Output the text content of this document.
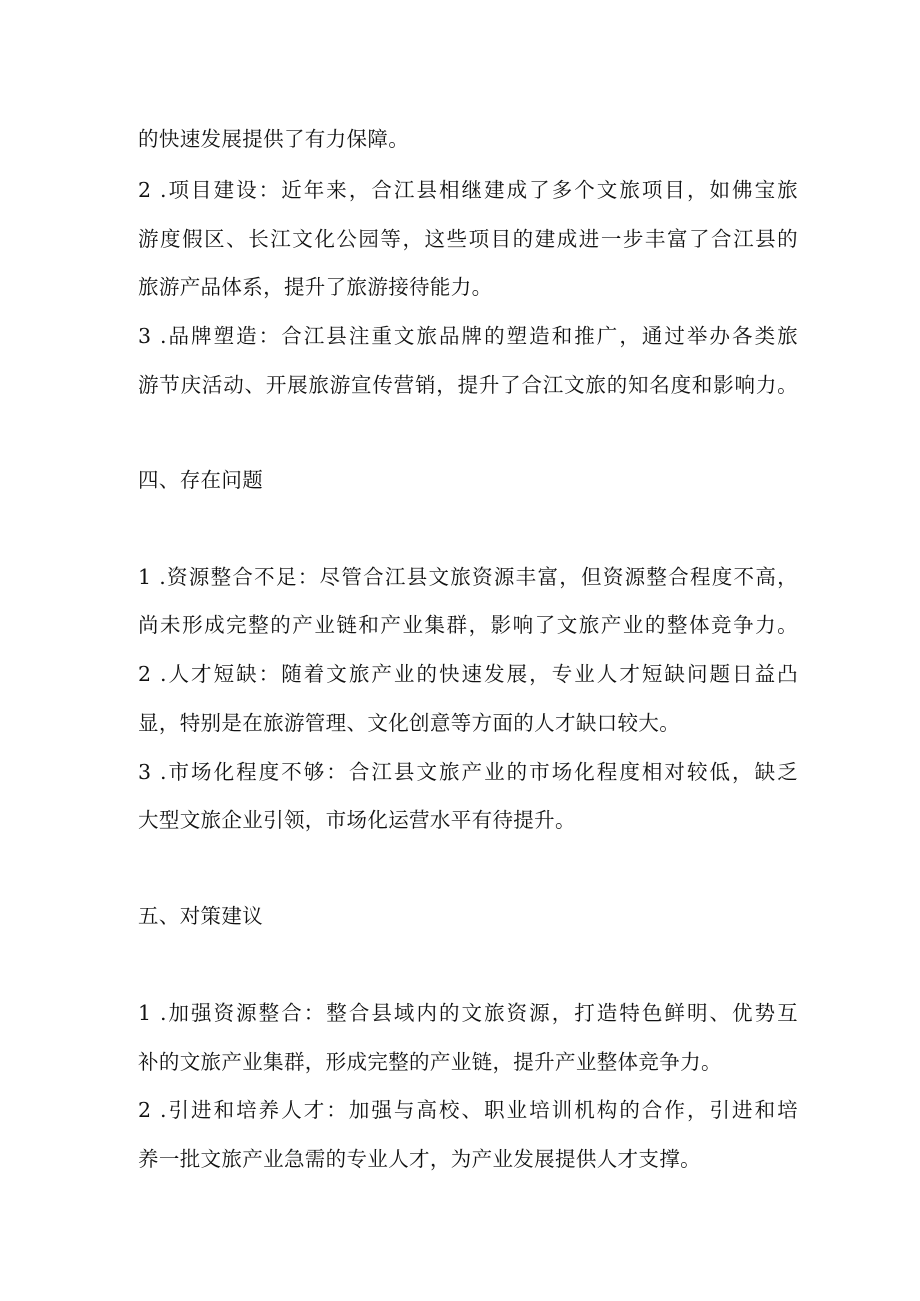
的快速发展提供了有力保障。
2 .项目建设：近年来，合江县相继建成了多个文旅项目，如佛宝旅
游度假区、长江文化公园等，这些项目的建成进一步丰富了合江县的
旅游产品体系，提升了旅游接待能力。
3 .品牌塑造：合江县注重文旅品牌的塑造和推广，通过举办各类旅
游节庆活动、开展旅游宣传营销，提升了合江文旅的知名度和影响力。
四、存在问题
1 .资源整合不足：尽管合江县文旅资源丰富，但资源整合程度不高，
尚未形成完整的产业链和产业集群，影响了文旅产业的整体竞争力。
2 .人才短缺：随着文旅产业的快速发展，专业人才短缺问题日益凸
显，特别是在旅游管理、文化创意等方面的人才缺口较大。
3 .市场化程度不够：合江县文旅产业的市场化程度相对较低，缺乏
大型文旅企业引领，市场化运营水平有待提升。
五、对策建议
1 .加强资源整合：整合县域内的文旅资源，打造特色鲜明、优势互
补的文旅产业集群，形成完整的产业链，提升产业整体竞争力。
2 .引进和培养人才：加强与高校、职业培训机构的合作，引进和培
养一批文旅产业急需的专业人才，为产业发展提供人才支撑。
